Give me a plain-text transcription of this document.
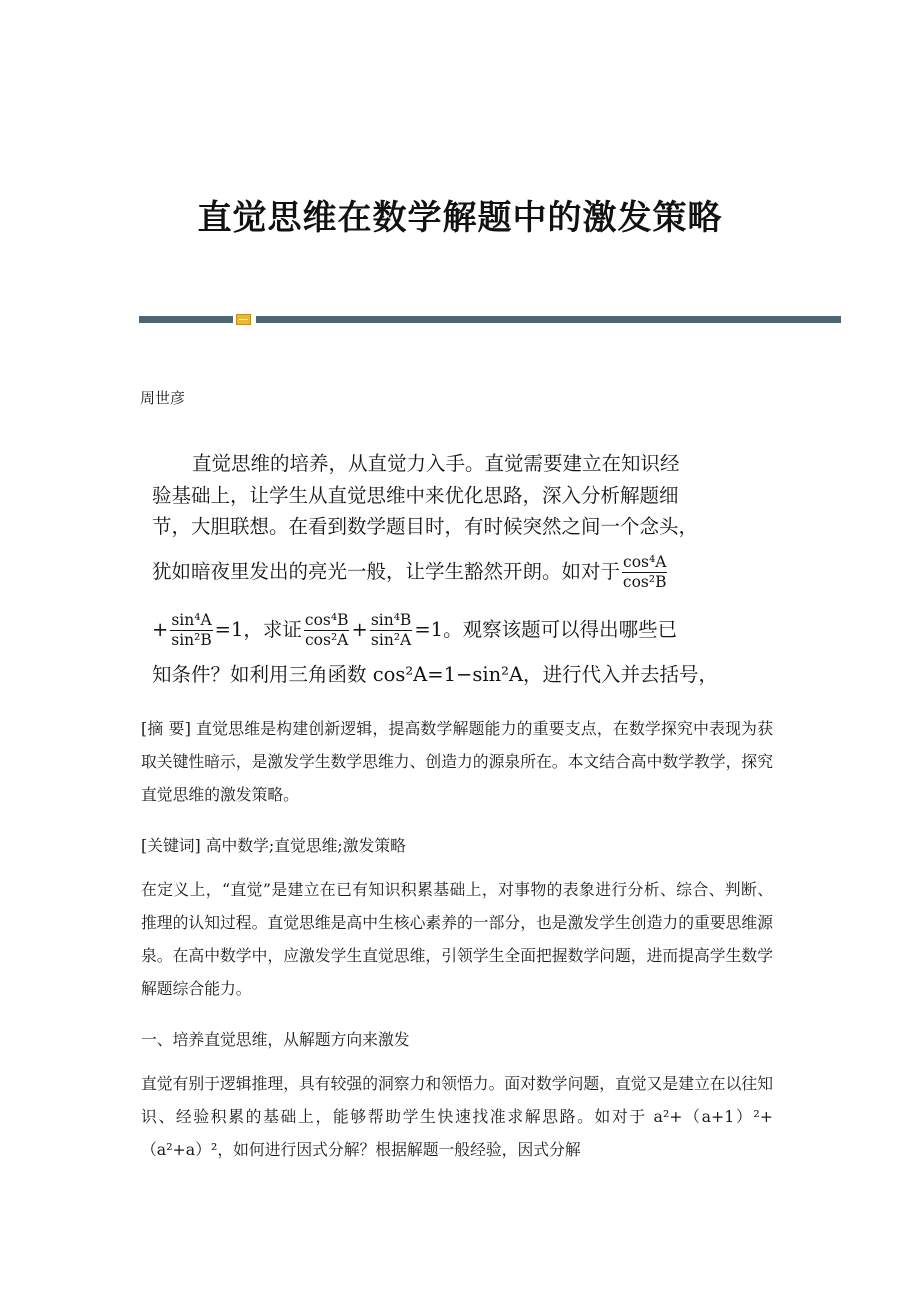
直觉思维在数学解题中的激发策略

周世彦

直觉思维的培养，从直觉力入手。直觉需要建立在知识经

验基础上，让学生从直觉思维中来优化思路，深入分析解题细

节，大胆联想。在看到数学题目时，有时候突然之间一个念头，

犹如暗夜里发出的亮光一般，让学生豁然开朗。如对于 $\frac{\text{cos⁴A}}{\text{cos²B}}$

+ $\frac{\text{sin⁴A}}{\text{sin²B}} =1$，求证 $\frac{\text{cos⁴B}}{\text{cos²A}} + \frac{\text{sin⁴B}}{\text{sin²A}} =1$。观察该题可以得出哪些已

知条件？如利用三角函数 cos²A=1−sin²A，进行代入并去括号，

[摘 要] 直觉思维是构建创新逻辑，提高数学解题能力的重要支点，在数学探究中表现为获取关键性暗示，是激发学生数学思维力、创造力的源泉所在。本文结合高中数学教学，探究直觉思维的激发策略。

[关键词] 高中数学;直觉思维;激发策略

在定义上，“直觉”是建立在已有知识积累基础上，对事物的表象进行分析、综合、判断、推理的认知过程。直觉思维是高中生核心素养的一部分，也是激发学生创造力的重要思维源泉。在高中数学中，应激发学生直觉思维，引领学生全面把握数学问题，进而提高学生数学解题综合能力。

一、培养直觉思维，从解题方向来激发

直觉有别于逻辑推理，具有较强的洞察力和领悟力。面对数学问题，直觉又是建立在以往知识、经验积累的基础上，能够帮助学生快速找准求解思路。如对于 a²+（a+1）²+（a²+a）²，如何进行因式分解？根据解题一般经验，因式分解
